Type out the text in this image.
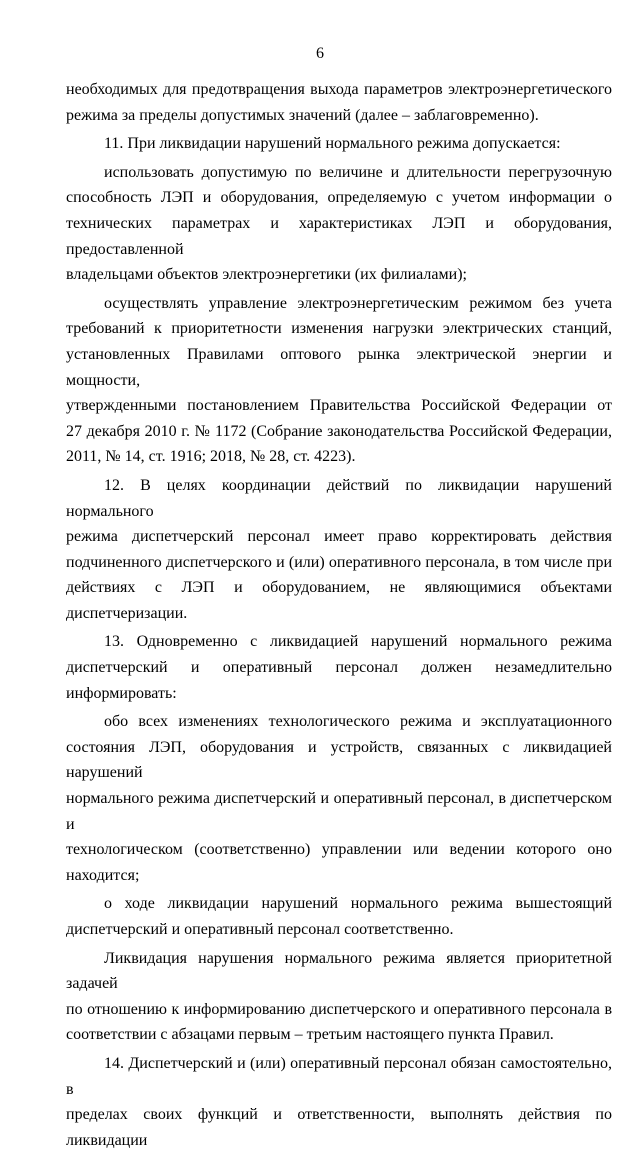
6

необходимых для предотвращения выхода параметров электроэнергетического
режима за пределы допустимых значений (далее – заблаговременно).

11. При ликвидации нарушений нормального режима допускается:

использовать допустимую по величине и длительности перегрузочную
способность ЛЭП и оборудования, определяемую с учетом информации о
технических параметрах и характеристиках ЛЭП и оборудования, предоставленной
владельцами объектов электроэнергетики (их филиалами);

осуществлять управление электроэнергетическим режимом без учета
требований к приоритетности изменения нагрузки электрических станций,
установленных Правилами оптового рынка электрической энергии и мощности,
утвержденными постановлением Правительства Российской Федерации от
27 декабря 2010 г. № 1172 (Собрание законодательства Российской Федерации,
2011, № 14, ст. 1916; 2018, № 28, ст. 4223).

12. В целях координации действий по ликвидации нарушений нормального
режима диспетчерский персонал имеет право корректировать действия
подчиненного диспетчерского и (или) оперативного персонала, в том числе при
действиях с ЛЭП и оборудованием, не являющимися объектами диспетчеризации.

13. Одновременно с ликвидацией нарушений нормального режима
диспетчерский и оперативный персонал должен незамедлительно информировать:

обо всех изменениях технологического режима и эксплуатационного
состояния ЛЭП, оборудования и устройств, связанных с ликвидацией нарушений
нормального режима диспетчерский и оперативный персонал, в диспетчерском и
технологическом (соответственно) управлении или ведении которого оно находится;

о ходе ликвидации нарушений нормального режима вышестоящий
диспетчерский и оперативный персонал соответственно.

Ликвидация нарушения нормального режима является приоритетной задачей
по отношению к информированию диспетчерского и оперативного персонала в
соответствии с абзацами первым – третьим настоящего пункта Правил.

14. Диспетчерский и (или) оперативный персонал обязан самостоятельно, в
пределах своих функций и ответственности, выполнять действия по ликвидации
